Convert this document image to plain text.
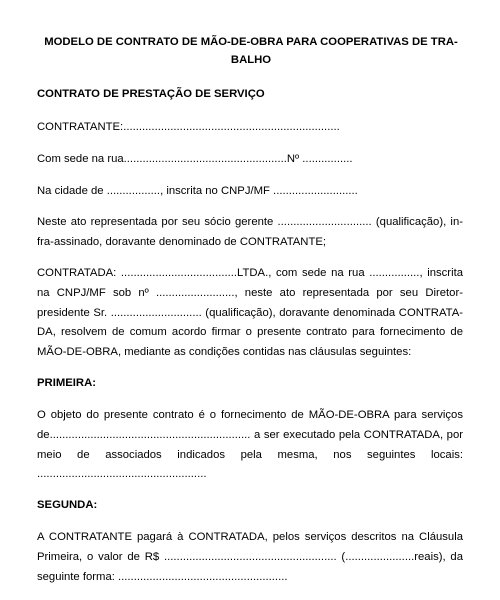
MODELO DE CONTRATO DE MÃO-DE-OBRA PARA COOPERATIVAS DE TRA-
BALHO
CONTRATO DE PRESTAÇÃO DE SERVIÇO
CONTRATANTE:.....................................................................
Com sede na rua....................................................Nº ................
Na cidade de ................., inscrita no CNPJ/MF ...........................
Neste ato representada por seu sócio gerente .............................. (qualificação), in-
fra-assinado, doravante denominado de CONTRATANTE;
CONTRATADA: .....................................LTDA., com sede na rua ................, inscrita
na CNPJ/MF sob nº ........................., neste ato representada por seu Diretor-
presidente Sr. ............................. (qualificação), doravante denominada CONTRATA-
DA, resolvem de comum acordo firmar o presente contrato para fornecimento de
MÃO-DE-OBRA, mediante as condições contidas nas cláusulas seguintes:
PRIMEIRA:
O objeto do presente contrato é o fornecimento de MÃO-DE-OBRA para serviços
de................................................................ a ser executado pela CONTRATADA, por
meio de associados indicados pela mesma, nos seguintes locais:
......................................................
SEGUNDA:
A CONTRATANTE pagará à CONTRATADA, pelos serviços descritos na Cláusula
Primeira, o valor de R$ ....................................................... (......................reais), da
seguinte forma: ......................................................
